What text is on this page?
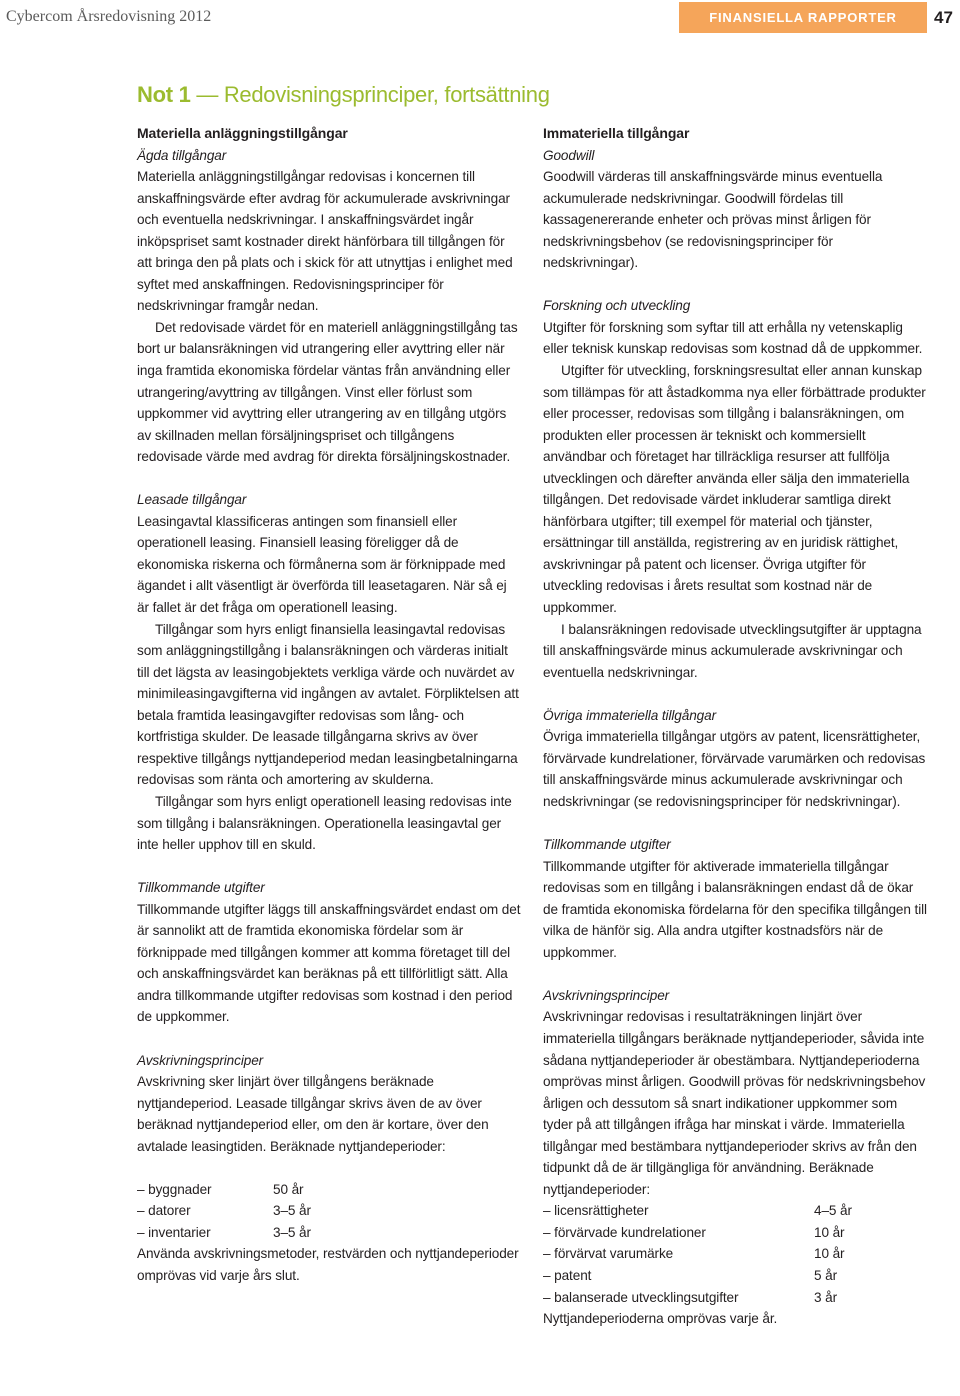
Cybercom Årsredovisning 2012	FINANSIELLA RAPPORTER	47
Not 1 — Redovisningsprinciper, fortsättning
Materiella anläggningstillgångar
Ägda tillgångar

Materiella anläggningstillgångar redovisas i koncernen till anskaffningsvärde efter avdrag för ackumulerade avskrivningar och eventuella nedskrivningar. I anskaffningsvärdet ingår inköpspriset samt kostnader direkt hänförbara till tillgången för att bringa den på plats och i skick för att utnyttjas i enlighet med syftet med anskaffningen. Redovisningsprinciper för nedskrivningar framgår nedan.

Det redovisade värdet för en materiell anläggningstillgång tas bort ur balansräkningen vid utrangering eller avyttring eller när inga framtida ekonomiska fördelar väntas från användning eller utrangering/avyttring av tillgången. Vinst eller förlust som uppkommer vid avyttring eller utrangering av en tillgång utgörs av skillnaden mellan försäljningspriset och tillgångens redovisade värde med avdrag för direkta försäljningskostnader.

Leasade tillgångar

Leasingavtal klassificeras antingen som finansiell eller operationell leasing. Finansiell leasing föreligger då de ekonomiska riskerna och förmånerna som är förknippade med ägandet i allt väsentligt är överförda till leasetagaren. När så ej är fallet är det fråga om operationell leasing.

Tillgångar som hyrs enligt finansiella leasingavtal redovisas som anläggningstillgång i balansräkningen och värderas initialt till det lägsta av leasingobjektets verkliga värde och nuvärdet av minimileasingavgifterna vid ingången av avtalet. Förpliktelsen att betala framtida leasingavgifter redovisas som lång- och kortfristiga skulder. De leasade tillgångarna skrivs av över respektive tillgångs nyttjandeperiod medan leasingbetalningarna redovisas som ränta och amortering av skulderna.

Tillgångar som hyrs enligt operationell leasing redovisas inte som tillgång i balansräkningen. Operationella leasingavtal ger inte heller upphov till en skuld.

Tillkommande utgifter

Tillkommande utgifter läggs till anskaffningsvärdet endast om det är sannolikt att de framtida ekonomiska fördelar som är förknippade med tillgången kommer att komma företaget till del och anskaffningsvärdet kan beräknas på ett tillförlitligt sätt. Alla andra tillkommande utgifter redovisas som kostnad i den period de uppkommer.

Avskrivningsprinciper

Avskrivning sker linjärt över tillgångens beräknade nyttjandeperiod. Leasade tillgångar skrivs även de av över beräknad nyttjandeperiod eller, om den är kortare, över den avtalade leasingtiden. Beräknade nyttjandeperioder:

– byggnader	50 år
– datorer	3–5 år
– inventarier	3–5 år

Använda avskrivningsmetoder, restvärden och nyttjandeperioder omprövas vid varje års slut.

Immateriella tillgångar
Goodwill

Goodwill värderas till anskaffningsvärde minus eventuella ackumulerade nedskrivningar. Goodwill fördelas till kassagenererande enheter och prövas minst årligen för nedskrivningsbehov (se redovisningsprinciper för nedskrivningar).

Forskning och utveckling

Utgifter för forskning som syftar till att erhålla ny vetenskaplig eller teknisk kunskap redovisas som kostnad då de uppkommer.

Utgifter för utveckling, forskningsresultat eller annan kunskap som tillämpas för att åstadkomma nya eller förbättrade produkter eller processer, redovisas som tillgång i balansräkningen, om produkten eller processen är tekniskt och kommersiellt användbar och företaget har tillräckliga resurser att fullfölja utvecklingen och därefter använda eller sälja den immateriella tillgången. Det redovisade värdet inkluderar samtliga direkt hänförbara utgifter; till exempel för material och tjänster, ersättningar till anställda, registrering av en juridisk rättighet, avskrivningar på patent och licenser. Övriga utgifter för utveckling redovisas i årets resultat som kostnad när de uppkommer.

I balansräkningen redovisade utvecklingsutgifter är upptagna till anskaffningsvärde minus ackumulerade avskrivningar och eventuella nedskrivningar.

Övriga immateriella tillgångar

Övriga immateriella tillgångar utgörs av patent, licensrättigheter, förvärvade kundrelationer, förvärvade varumärken och redovisas till anskaffningsvärde minus ackumulerade avskrivningar och nedskrivningar (se redovisningsprinciper för nedskrivningar).

Tillkommande utgifter

Tillkommande utgifter för aktiverade immateriella tillgångar redovisas som en tillgång i balansräkningen endast då de ökar de framtida ekonomiska fördelarna för den specifika tillgången till vilka de hänför sig. Alla andra utgifter kostnadsförs när de uppkommer.

Avskrivningsprinciper

Avskrivningar redovisas i resultaträkningen linjärt över immateriella tillgångars beräknade nyttjandeperioder, såvida inte sådana nyttjandeperioder är obestämbara. Nyttjandeperioderna omprövas minst årligen. Goodwill prövas för nedskrivningsbehov årligen och dessutom så snart indikationer uppkommer som tyder på att tillgången ifråga har minskat i värde. Immateriella tillgångar med bestämbara nyttjandeperioder skrivs av från den tidpunkt då de är tillgängliga för användning. Beräknade nyttjandeperioder:

– licensrättigheter	4–5 år
– förvärvade kundrelationer	10 år
– förvärvat varumärke	10 år
– patent	5 år
– balanserade utvecklingsutgifter	3 år

Nyttjandeperioderna omprövas varje år.
